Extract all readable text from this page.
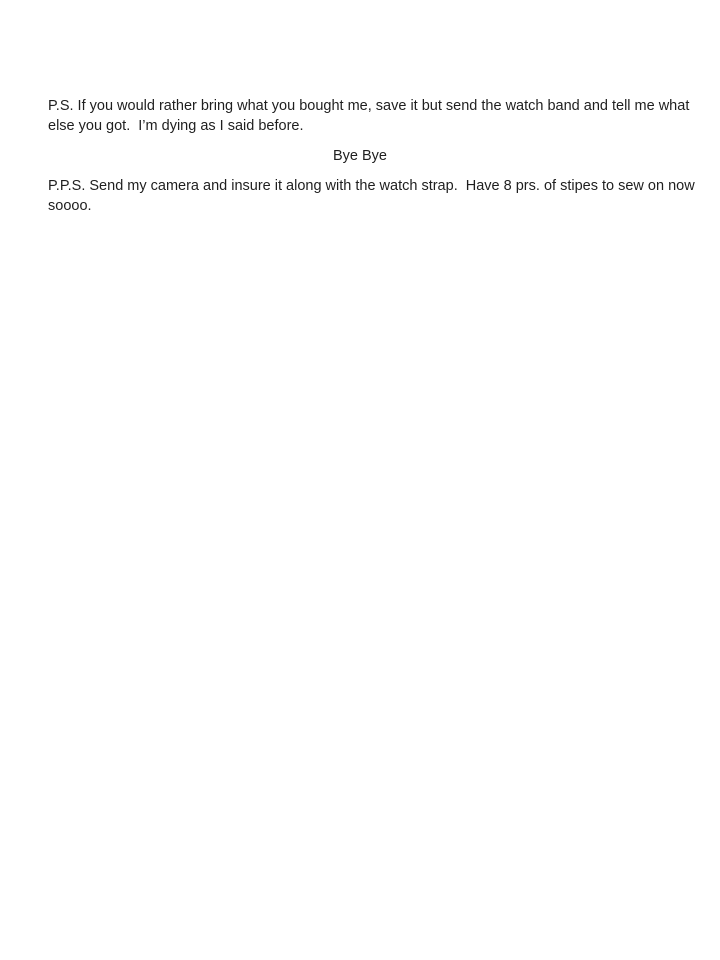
P.S. If you would rather bring what you bought me, save it but send the watch band and tell me what
else you got.  I’m dying as I said before.
Bye Bye
P.P.S. Send my camera and insure it along with the watch strap.  Have 8 prs. of stipes to sew on now
soooo.
